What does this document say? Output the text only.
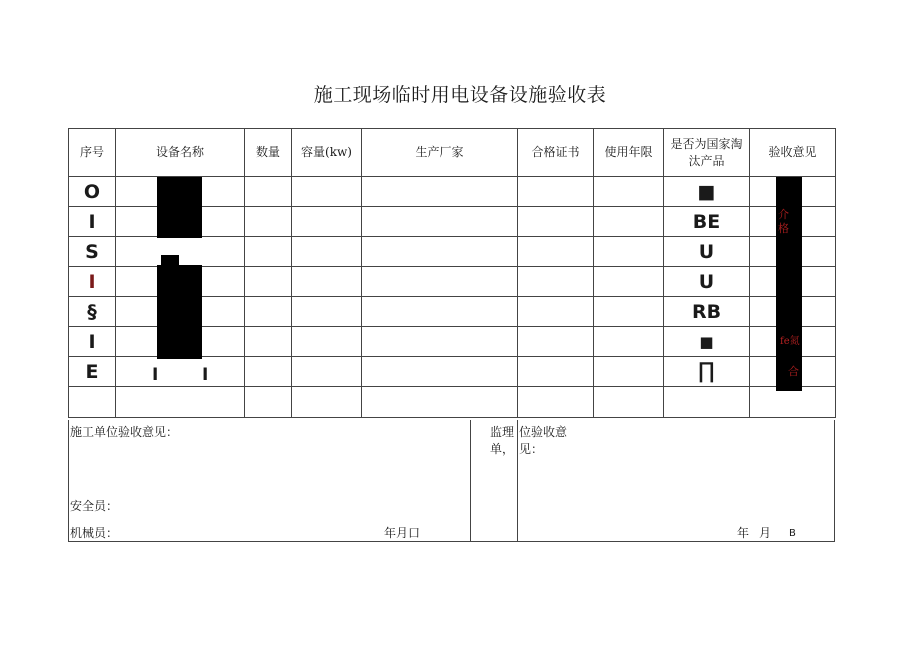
施工现场临时用电设备设施验收表
序号	设备名称	数量	容量(kw)	生产厂家	合格证书	使用年限	是否为国家淘
汰产品	验收意见
O							■	一

I							BE	介
格

S							U	
I							U	
§							RB	
I							■	fe氮

E	I I						∏	合

施工单位验收意见：
安全员：
机械员：	年月口
监理
单，
位验收意
见：
年 月 B
